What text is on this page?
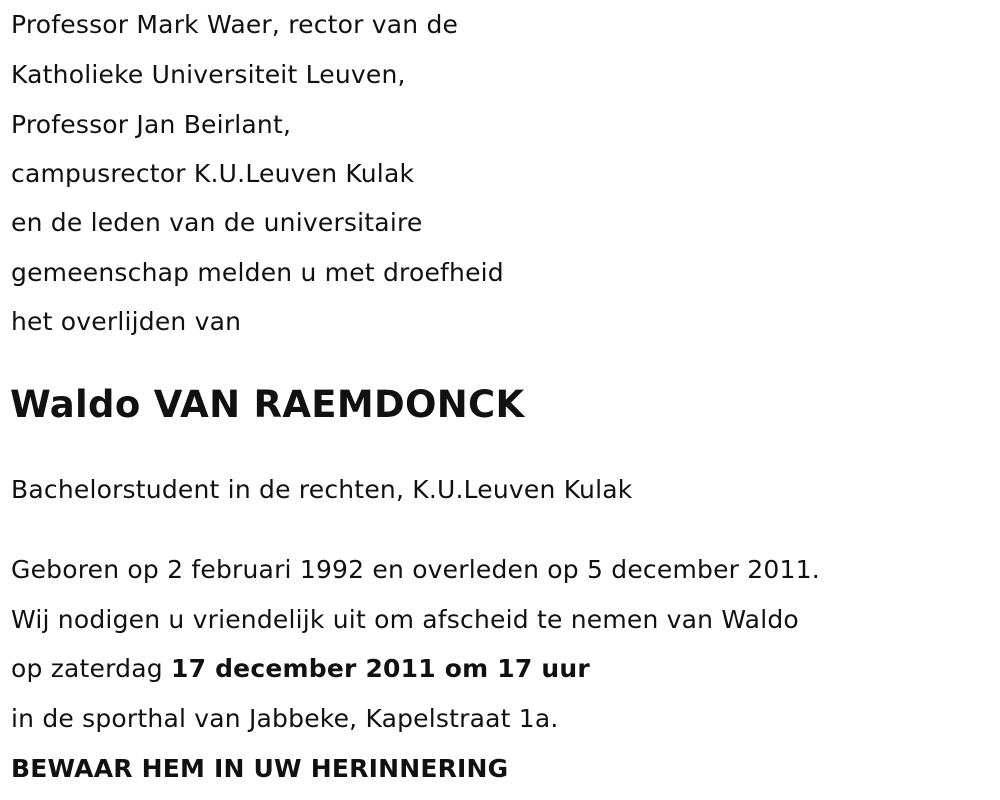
Professor Mark Waer, rector van de
Katholieke Universiteit Leuven,
Professor Jan Beirlant,
campusrector K.U.Leuven Kulak
en de leden van de universitaire
gemeenschap melden u met droefheid
het overlijden van
Waldo VAN RAEMDONCK
Bachelorstudent in de rechten, K.U.Leuven Kulak
Geboren op 2 februari 1992 en overleden op 5 december 2011.
Wij nodigen u vriendelijk uit om afscheid te nemen van Waldo
op zaterdag 17 december 2011 om 17 uur
in de sporthal van Jabbeke, Kapelstraat 1a.
BEWAAR HEM IN UW HERINNERING
